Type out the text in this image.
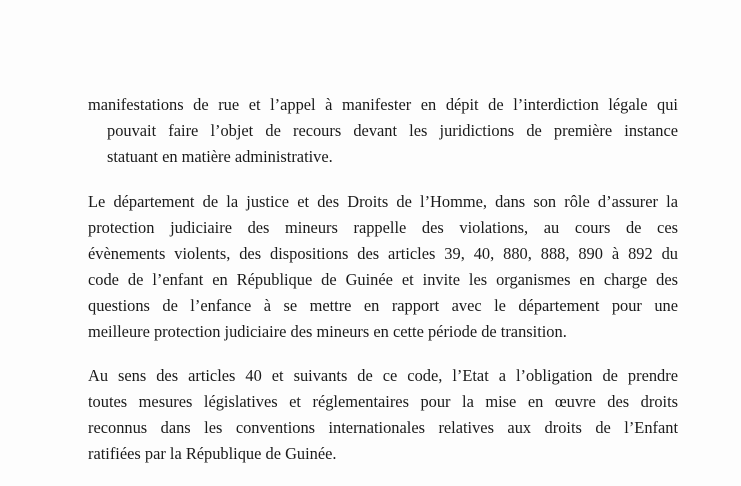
manifestations de rue et l’appel à manifester en dépit de l’interdiction légale qui
pouvait faire l’objet de recours devant les juridictions de première instance
statuant en matière administrative.
Le département de la justice et des Droits de l’Homme, dans son rôle d’assurer la
protection judiciaire des mineurs rappelle des violations, au cours de ces
évènements violents, des dispositions des articles 39, 40, 880, 888, 890 à 892 du
code de l’enfant en République de Guinée et invite les organismes en charge des
questions de l’enfance à se mettre en rapport avec le département pour une
meilleure protection judiciaire des mineurs en cette période de transition.
Au sens des articles 40 et suivants de ce code, l’Etat a l’obligation de prendre
toutes mesures législatives et réglementaires pour la mise en œuvre des droits
reconnus dans les conventions internationales relatives aux droits de l’Enfant
ratifiées par la République de Guinée.
